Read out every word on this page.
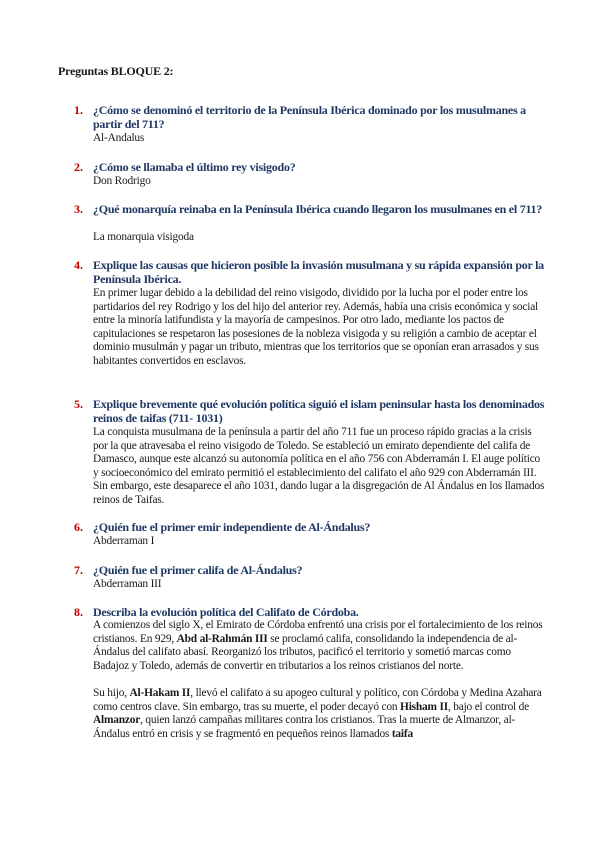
Preguntas BLOQUE 2:
1. ¿Cómo se denominó el territorio de la Península Ibérica dominado por los musulmanes a partir del 711?
Al-Andalus
2. ¿Cómo se llamaba el último rey visigodo?
Don Rodrigo
3. ¿Qué monarquía reinaba en la Península Ibérica cuando llegaron los musulmanes en el 711?
La monarquia visigoda
4. Explique las causas que hicieron posible la invasión musulmana y su rápida expansión por la Península Ibérica.
En primer lugar debido a la debilidad del reino visigodo, dividido por la lucha por el poder entre los partidarios del rey Rodrigo y los del hijo del anterior rey. Además, había una crisis económica y social entre la minoría latifundista y la mayoría de campesinos. Por otro lado, mediante los pactos de capitulaciones se respetaron las posesiones de la nobleza visigoda y su religión a cambio de aceptar el dominio musulmán y pagar un tributo, mientras que los territorios que se oponían eran arrasados y sus habitantes convertidos en esclavos.
5. Explique brevemente qué evolución política siguió el islam peninsular hasta los denominados reinos de taifas (711- 1031)
La conquista musulmana de la península a partir del año 711 fue un proceso rápido gracias a la crisis por la que atravesaba el reino visigodo de Toledo. Se estableció un emirato dependiente del califa de Damasco, aunque este alcanzó su autonomía política en el año 756 con Abderramán I. El auge político y socioeconómico del emirato permitió el establecimiento del califato el año 929 con Abderramán III. Sin embargo, este desaparece el año 1031, dando lugar a la disgregación de Al Ándalus en los llamados reinos de Taifas.
6. ¿Quién fue el primer emir independiente de Al-Ándalus?
Abderraman I
7. ¿Quién fue el primer califa de Al-Ándalus?
Abderraman III
8. Describa la evolución política del Califato de Córdoba.
A comienzos del siglo X, el Emirato de Córdoba enfrentó una crisis por el fortalecimiento de los reinos cristianos. En 929, Abd al-Rahmán III se proclamó califa, consolidando la independencia de al-Ándalus del califato abasí. Reorganizó los tributos, pacificó el territorio y sometió marcas como Badajoz y Toledo, además de convertir en tributarios a los reinos cristianos del norte.
Su hijo, Al-Hakam II, llevó el califato a su apogeo cultural y político, con Córdoba y Medina Azahara como centros clave. Sin embargo, tras su muerte, el poder decayó con Hisham II, bajo el control de Almanzor, quien lanzó campañas militares contra los cristianos. Tras la muerte de Almanzor, al-Ándalus entró en crisis y se fragmentó en pequeños reinos llamados taifa
